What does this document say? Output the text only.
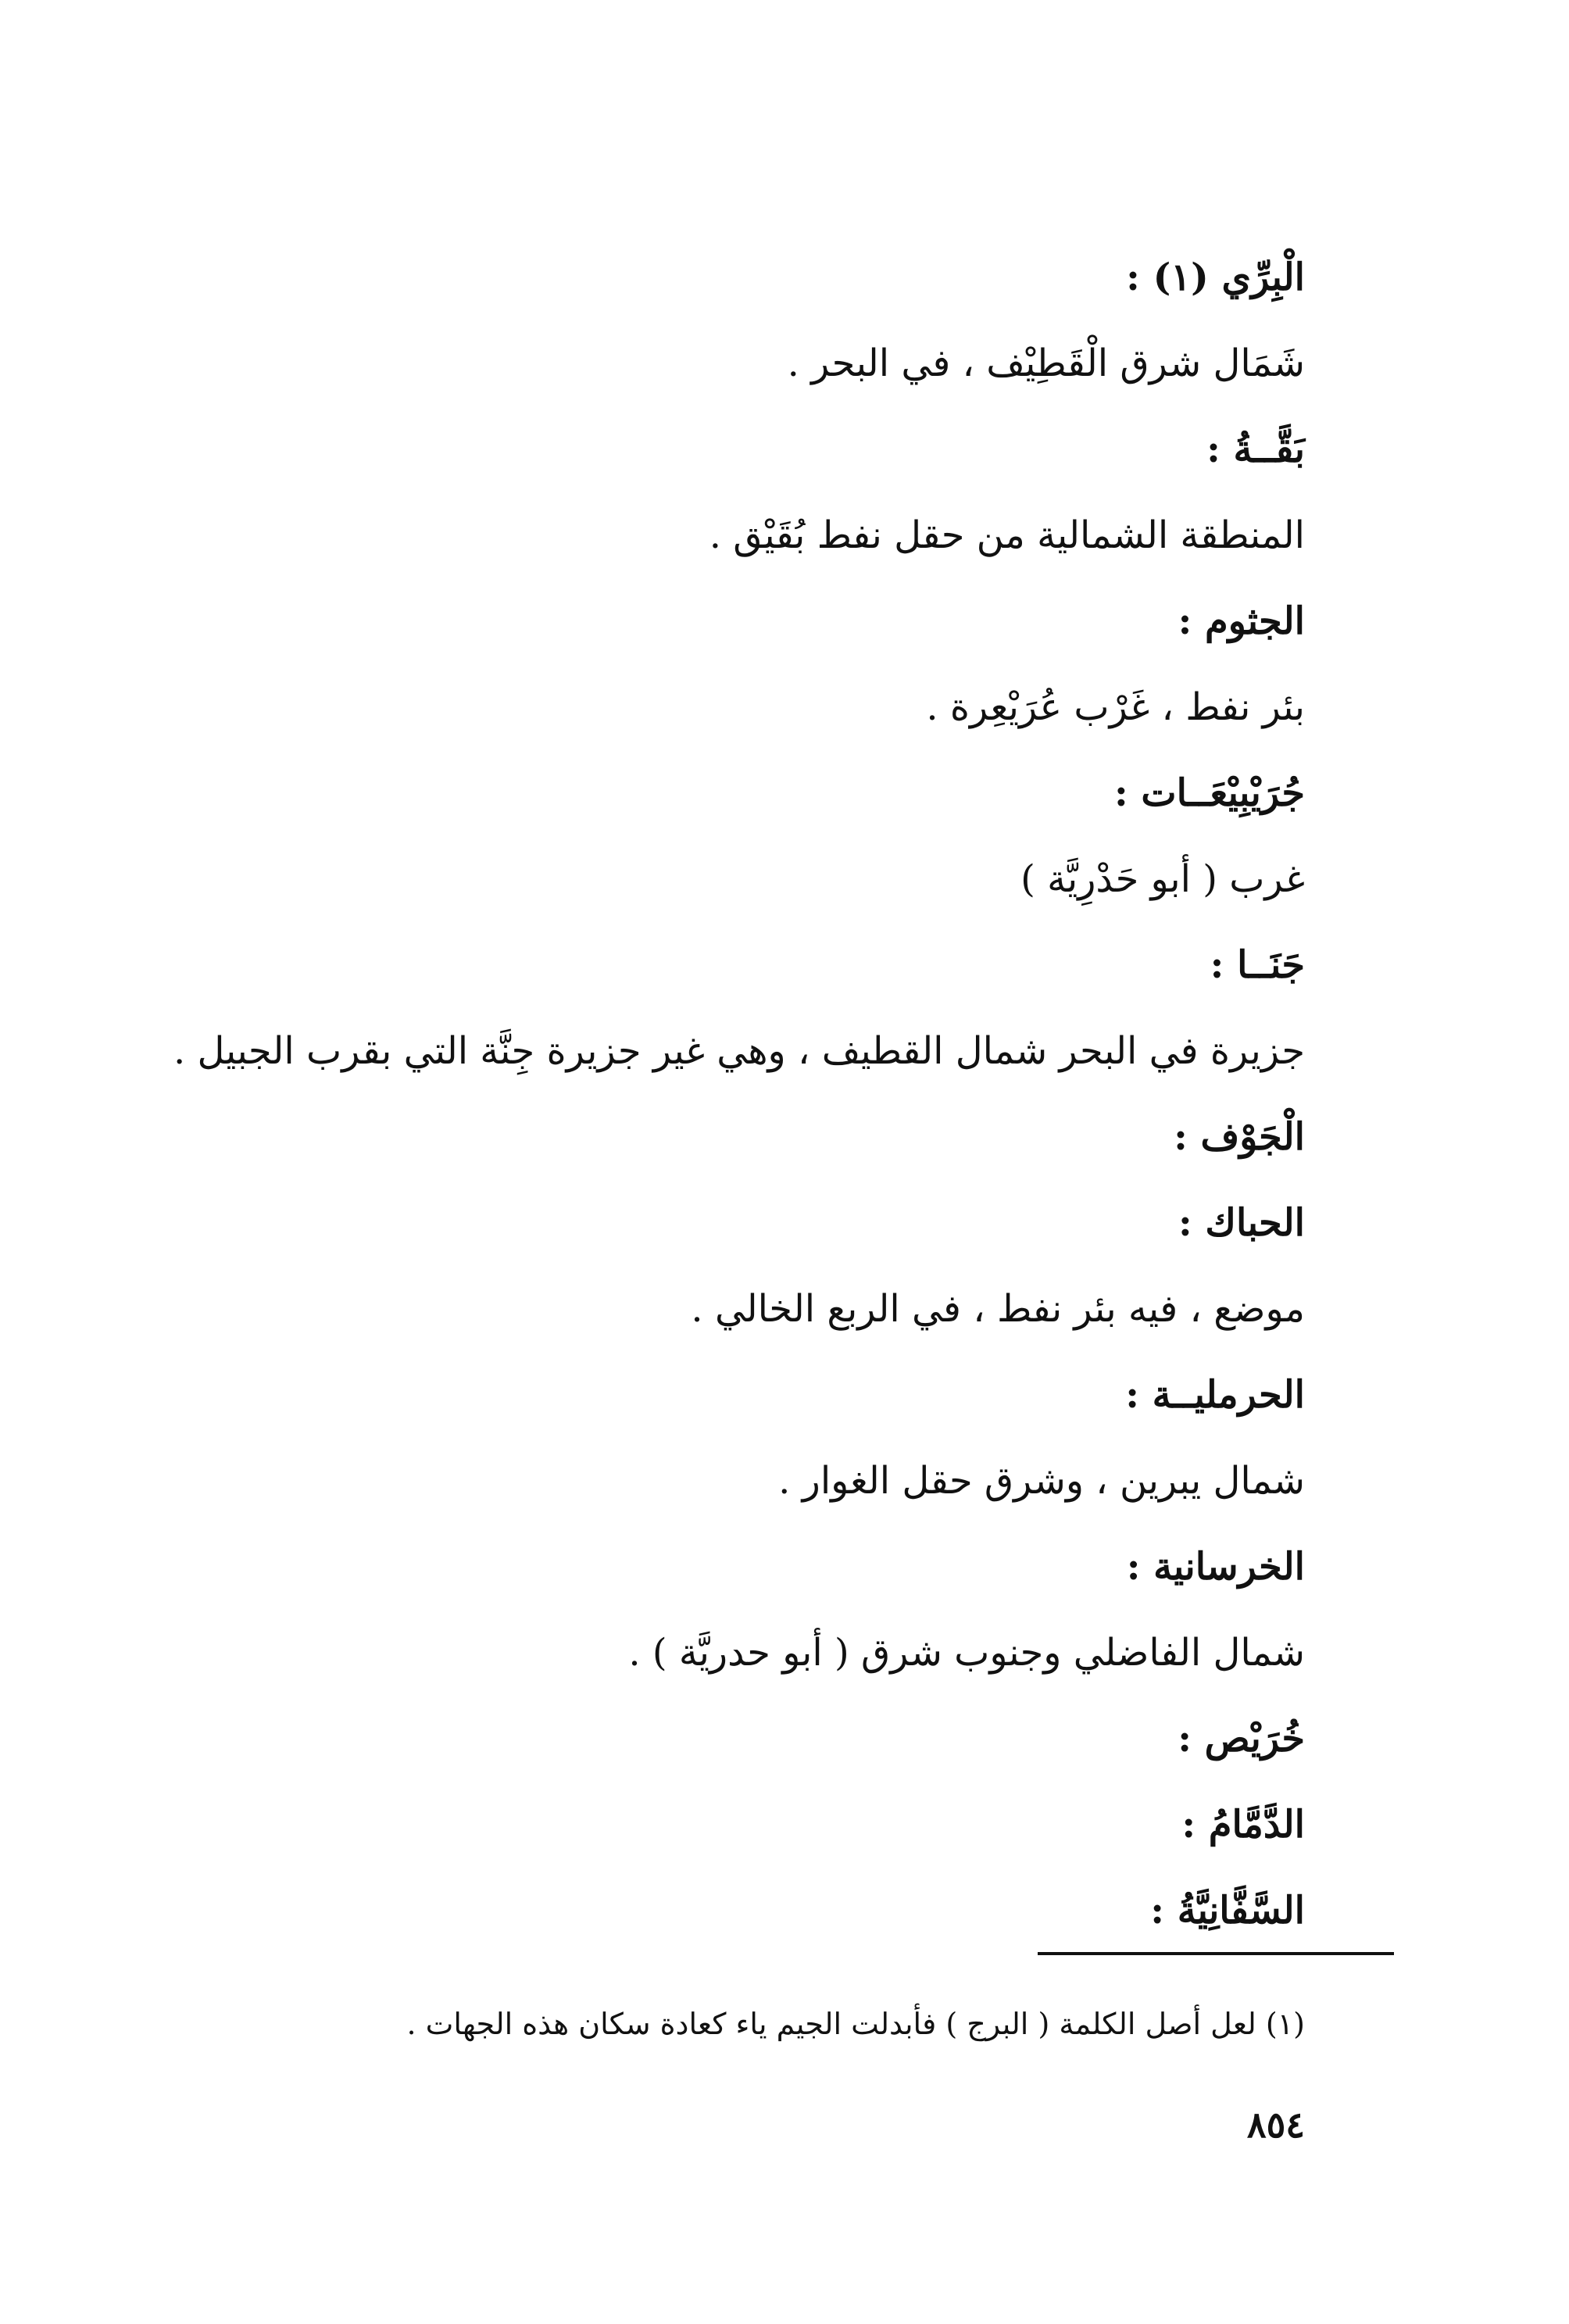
الْبِرِّي (١) :
شَمَال شرق الْقَطِيْف ، في البحر .
بَقَّــةُ :
المنطقة الشمالية من حقل نفط بُقَيْق .
الجثوم :
بئر نفط ، غَرْب عُرَيْعِرة .
جُرَيْبِيْعَــات :
غرب ( أبو حَدْرِيَّة )
جَنَــا :
جزيرة في البحر شمال القطيف ، وهي غير جزيرة جِنَّة التي بقرب الجبيل .
الْجَوْف :
الحباك :
موضع ، فيه بئر نفط ، في الربع الخالي .
الحرمليــة :
شمال يبرين ، وشرق حقل الغوار .
الخرسانية :
شمال الفاضلي وجنوب شرق ( أبو حدريَّة ) .
خُرَيْص :
الدَّمَّامُ :
السَّفَّانِيَّةُ :
(١) لعل أصل الكلمة ( البرج ) فأبدلت الجيم ياء كعادة سكان هذه الجهات .
٨٥٤
